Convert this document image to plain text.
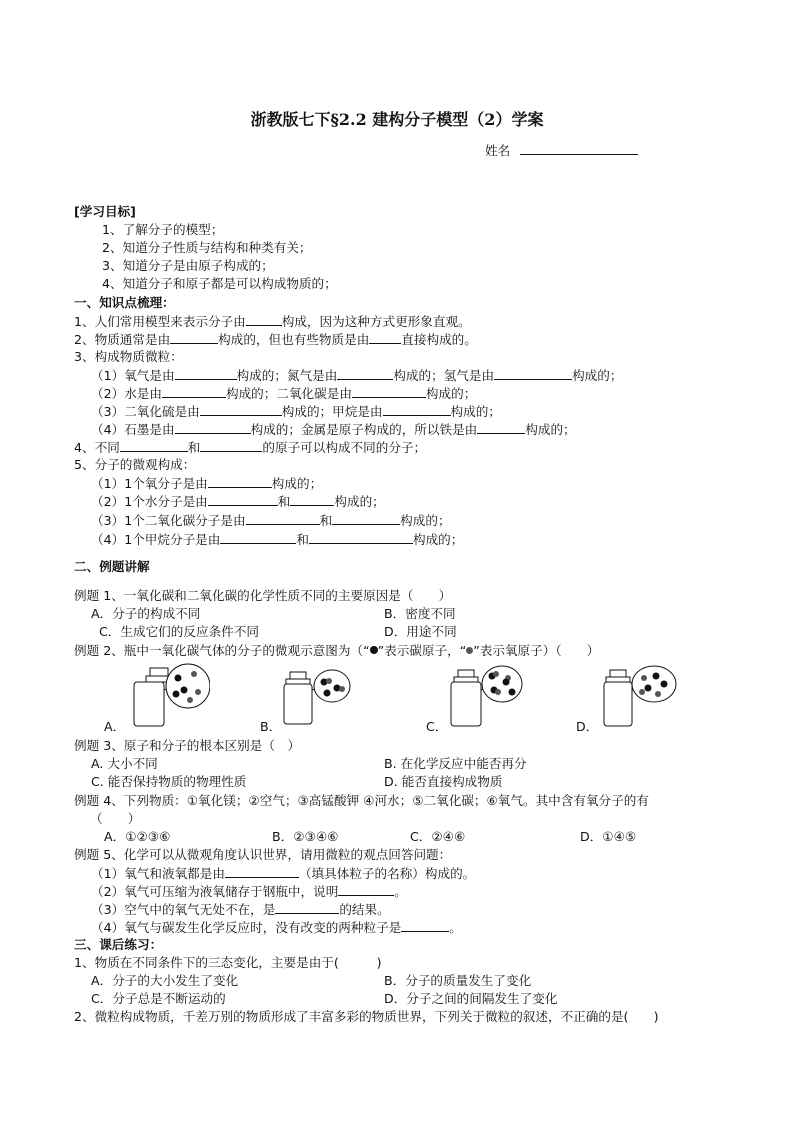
浙教版七下§2.2 建构分子模型（2）学案
姓名
[学习目标]
1、了解分子的模型；
2、知道分子性质与结构和种类有关；
3、知道分子是由原子构成的；
4、知道分子和原子都是可以构成物质的；
一、知识点梳理：
1、人们常用模型来表示分子由	构成，因为这种方式更形象直观。
2、物质通常是由	构成的，但也有些物质是由	直接构成的。
3、构成物质微粒：
（1）氧气是由	构成的；氮气是由	构成的；氢气是由	构成的；
（2）水是由	构成的；二氧化碳是由	构成的；
（3）二氧化硫是由	构成的；甲烷是由	构成的；
（4）石墨是由	构成的；金属是原子构成的，所以铁是由	构成的；
4、不同	和	的原子可以构成不同的分子；
5、分子的微观构成：
（1）1个氧分子是由	构成的；
（2）1个水分子是由	和	构成的；
（3）1个二氧化碳分子是由	和	构成的；
（4）1个甲烷分子是由	和	构成的；
二、例题讲解
例题 1、一氧化碳和二氧化碳的化学性质不同的主要原因是（　　）
A．分子的构成不同	B．密度不同
C．生成它们的反应条件不同	D．用途不同
例题 2、瓶中一氧化碳气体的分子的微观示意图为（“ ”表示碳原子，“ ”表示氧原子）（　　）
A．	B．	C．	D．
例题 3、原子和分子的根本区别是（　）
A. 大小不同	B. 在化学反应中能否再分
C. 能否保持物质的物理性质	D. 能否直接构成物质
例题 4、下列物质：①氧化镁；②空气；③高锰酸钾 ④河水；⑤二氧化碳；⑥氧气。其中含有氧分子的有
（　　）
A．①②③⑥	B．②③④⑥	C．②④⑥	D．①④⑤
例题 5、化学可以从微观角度认识世界，请用微粒的观点回答问题：
（1）氧气和液氧都是由	（填具体粒子的名称）构成的。
（2）氧气可压缩为液氧储存于钢瓶中，说明	。
（3）空气中的氧气无处不在，是	的结果。
（4）氧气与碳发生化学反应时，没有改变的两种粒子是	。
三、课后练习：
1、物质在不同条件下的三态变化，主要是由于(　　　)
A．分子的大小发生了变化	B．分子的质量发生了变化
C．分子总是不断运动的	D．分子之间的间隔发生了变化
2、微粒构成物质，千差万别的物质形成了丰富多彩的物质世界，下列关于微粒的叙述，不正确的是(　　)
